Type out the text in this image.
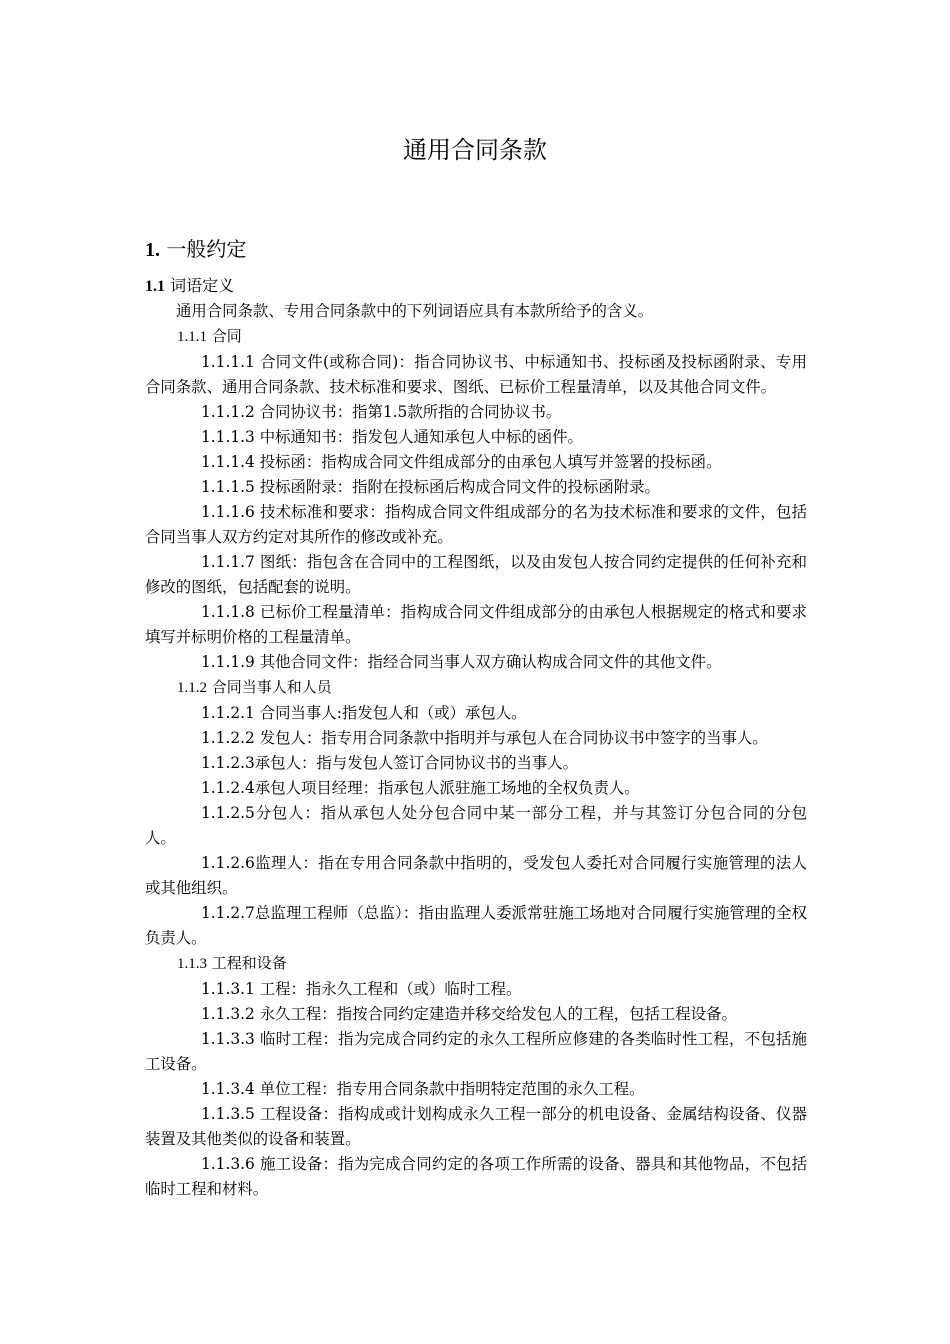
通用合同条款
1. 一般约定
1.1 词语定义

通用合同条款、专用合同条款中的下列词语应具有本款所给予的含义。

1.1.1 合同

1.1.1.1 合同文件(或称合同)：指合同协议书、中标通知书、投标函及投标函附录、专用合同条款、通用合同条款、技术标准和要求、图纸、已标价工程量清单，以及其他合同文件。

1.1.1.2 合同协议书：指第1.5款所指的合同协议书。

1.1.1.3 中标通知书：指发包人通知承包人中标的函件。

1.1.1.4 投标函：指构成合同文件组成部分的由承包人填写并签署的投标函。

1.1.1.5 投标函附录：指附在投标函后构成合同文件的投标函附录。

1.1.1.6 技术标准和要求：指构成合同文件组成部分的名为技术标准和要求的文件，包括合同当事人双方约定对其所作的修改或补充。

1.1.1.7 图纸：指包含在合同中的工程图纸，以及由发包人按合同约定提供的任何补充和修改的图纸，包括配套的说明。

1.1.1.8 已标价工程量清单：指构成合同文件组成部分的由承包人根据规定的格式和要求填写并标明价格的工程量清单。

1.1.1.9 其他合同文件：指经合同当事人双方确认构成合同文件的其他文件。

1.1.2 合同当事人和人员

1.1.2.1 合同当事人:指发包人和（或）承包人。

1.1.2.2 发包人：指专用合同条款中指明并与承包人在合同协议书中签字的当事人。

1.1.2.3承包人：指与发包人签订合同协议书的当事人。

1.1.2.4承包人项目经理：指承包人派驻施工场地的全权负责人。

1.1.2.5分包人：指从承包人处分包合同中某一部分工程，并与其签订分包合同的分包人。

1.1.2.6监理人：指在专用合同条款中指明的，受发包人委托对合同履行实施管理的法人或其他组织。

1.1.2.7总监理工程师（总监）：指由监理人委派常驻施工场地对合同履行实施管理的全权负责人。

1.1.3 工程和设备

1.1.3.1 工程：指永久工程和（或）临时工程。

1.1.3.2 永久工程：指按合同约定建造并移交给发包人的工程，包括工程设备。

1.1.3.3 临时工程：指为完成合同约定的永久工程所应修建的各类临时性工程，不包括施工设备。

1.1.3.4 单位工程：指专用合同条款中指明特定范围的永久工程。

1.1.3.5 工程设备：指构成或计划构成永久工程一部分的机电设备、金属结构设备、仪器装置及其他类似的设备和装置。

1.1.3.6 施工设备：指为完成合同约定的各项工作所需的设备、器具和其他物品，不包括临时工程和材料。
